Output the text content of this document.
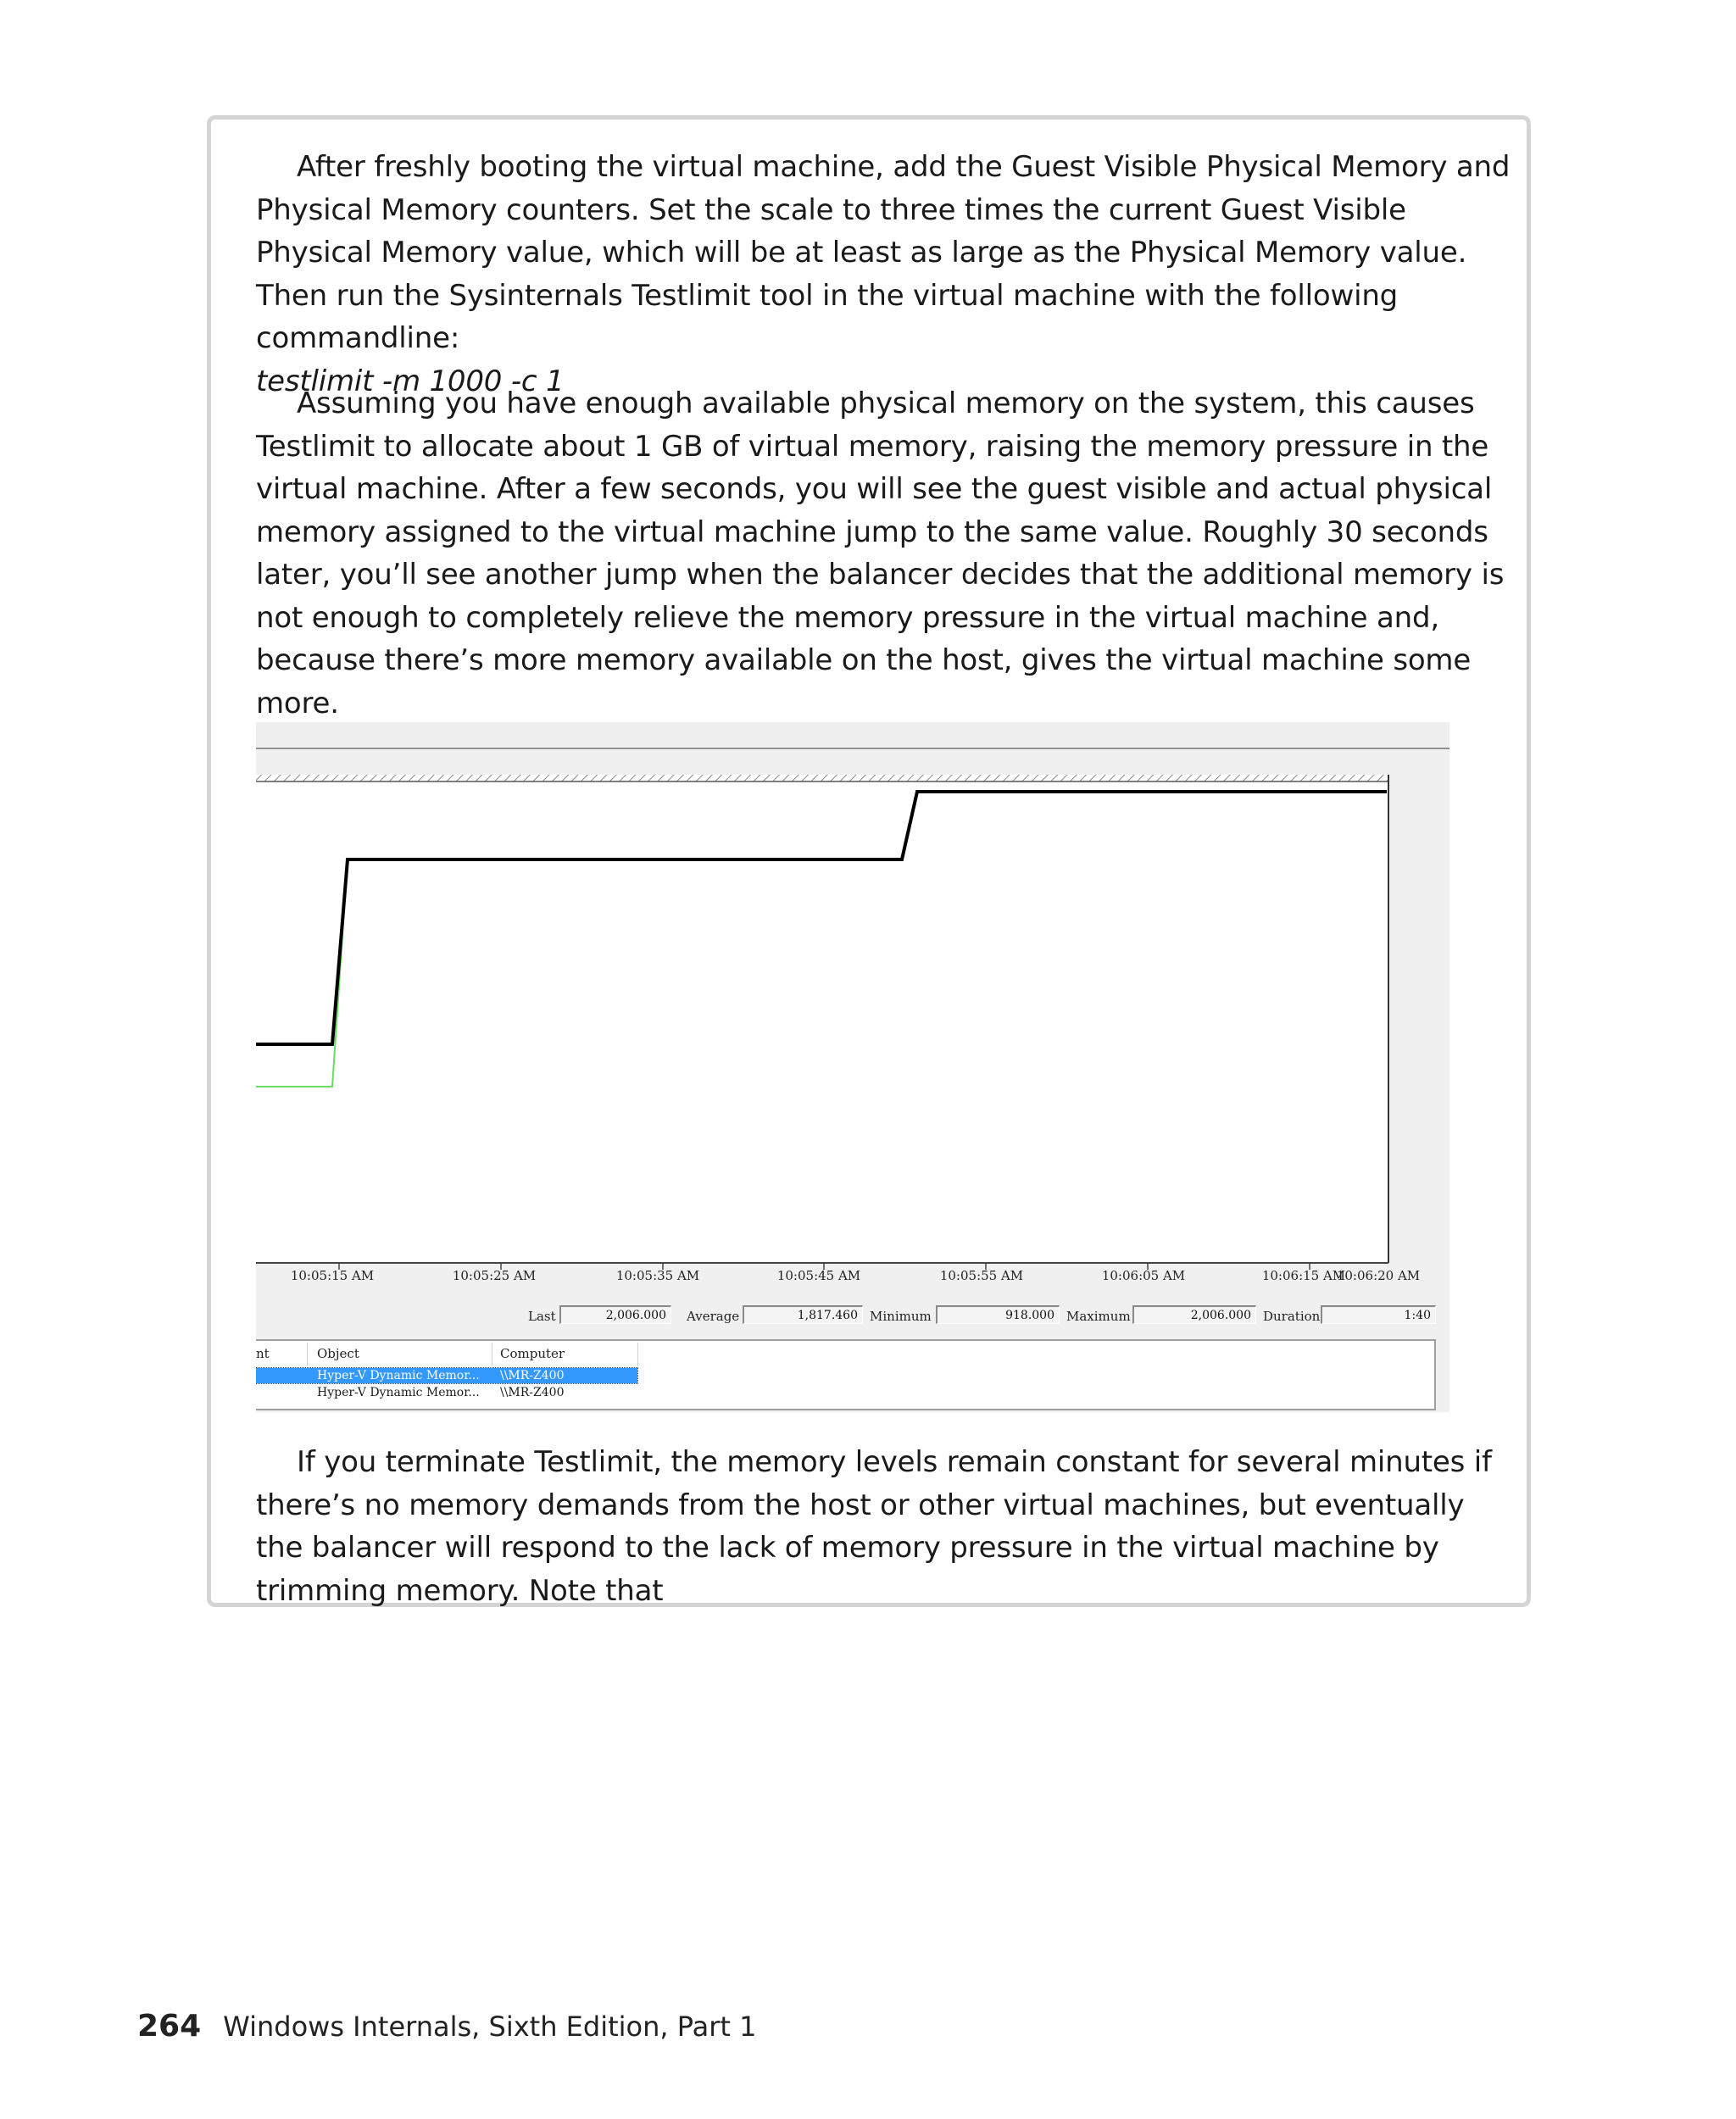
After freshly booting the virtual machine, add the Guest Visible Physical Memory and Physical Memory counters. Set the scale to three times the current Guest Visible Physical Memory value, which will be at least as large as the Physical Memory value. Then run the Sysinternals Testlimit tool in the virtual machine with the following commandline:
testlimit -m 1000 -c 1

Assuming you have enough available physical memory on the system, this causes Testlimit to allocate about 1 GB of virtual memory, raising the memory pressure in the virtual machine. After a few seconds, you will see the guest visible and actual physical memory assigned to the virtual machine jump to the same value. Roughly 30 seconds later, you’ll see another jump when the balancer decides that the additional memory is not enough to completely relieve the memory pressure in the virtual machine and, because there’s more memory available on the host, gives the virtual machine some more.

10:05:15 AM	10:05:25 AM	10:05:35 AM	10:05:45 AM	10:05:55 AM	10:06:05 AM	10:06:15 AM
10:06:20 AM
Last	2,006.000	Average	1,817.460 Minimum	918.000 Maximum	2,006.000 Duration	1:40
nt	Object	Computer
Hyper-V Dynamic Memor... \\MR-Z400
Hyper-V Dynamic Memor... \\MR-Z400

If you terminate Testlimit, the memory levels remain constant for several minutes if there’s no memory demands from the host or other virtual machines, but eventually the balancer will respond to the lack of memory pressure in the virtual machine by trimming memory. Note that

264 Windows Internals, Sixth Edition, Part 1
